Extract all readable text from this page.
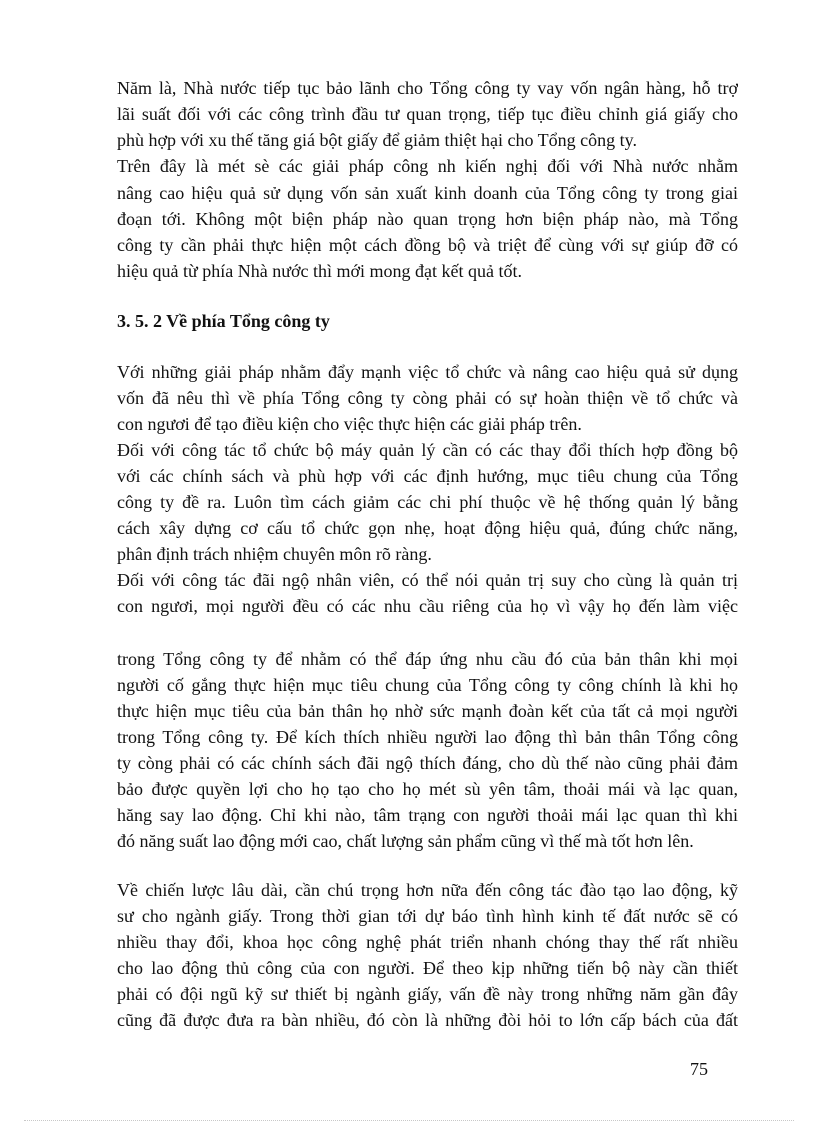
Năm là, Nhà nước tiếp tục bảo lãnh cho Tổng công ty vay vốn ngân hàng, hỗ trợ
lãi suất đối với các công trình đầu tư quan trọng, tiếp tục điều chỉnh giá giấy cho
phù hợp với xu thế tăng giá bột giấy để giảm thiệt hại cho Tổng công ty.
Trên đây là mét sè các giải pháp công nh kiến nghị đối với Nhà nước nhằm
nâng cao hiệu quả sử dụng vốn sản xuất kinh doanh của Tổng công ty trong giai
đoạn tới. Không một biện pháp nào quan trọng hơn biện pháp nào, mà Tổng
công ty cần phải thực hiện một cách đồng bộ và triệt để cùng với sự giúp đỡ có
hiệu quả từ phía Nhà nước thì mới mong đạt kết quả tốt.
3. 5. 2 Về phía Tổng công ty
Với những giải pháp nhằm đẩy mạnh việc tổ chức và nâng cao hiệu quả sử dụng
vốn đã nêu thì về phía Tổng công ty còng phải có sự hoàn thiện về tổ chức và
con ngươi để tạo điều kiện cho việc thực hiện các giải pháp trên.
Đối với công tác tổ chức bộ máy quản lý cần có các thay đổi thích hợp đồng bộ
với các chính sách và phù hợp với các định hướng, mục tiêu chung của Tổng
công ty đề ra. Luôn tìm cách giảm các chi phí thuộc về hệ thống quản lý bằng
cách xây dựng cơ cấu tổ chức gọn nhẹ, hoạt động hiệu quả, đúng chức năng,
phân định trách nhiệm chuyên môn rõ ràng.
Đối với công tác đãi ngộ nhân viên, có thể nói quản trị suy cho cùng là quản trị
con ngươi, mọi người đều có các nhu cầu riêng của họ vì vậy họ đến làm việc
trong Tổng công ty để nhằm có thể đáp ứng nhu cầu đó của bản thân khi mọi
người cố gắng thực hiện mục tiêu chung của Tổng công ty công chính là khi họ
thực hiện mục tiêu của bản thân họ nhờ sức mạnh đoàn kết của tất cả mọi người
trong Tổng công ty. Để kích thích nhiều người lao động thì bản thân Tổng công
ty còng phải có các chính sách đãi ngộ thích đáng, cho dù thế nào cũng phải đảm
bảo được quyền lợi cho họ tạo cho họ mét sù yên tâm, thoải mái và lạc quan,
hăng say lao động. Chỉ khi nào, tâm trạng con người thoải mái lạc quan thì khi
đó năng suất lao động mới cao, chất lượng sản phẩm cũng vì thế mà tốt hơn lên.
Về chiến lược lâu dài, cần chú trọng hơn nữa đến công tác đào tạo lao động, kỹ
sư cho ngành giấy. Trong thời gian tới dự báo tình hình kinh tế đất nước sẽ có
nhiều thay đổi, khoa học công nghệ phát triển nhanh chóng thay thế rất nhiều
cho lao động thủ công của con người. Để theo kịp những tiến bộ này cần thiết
phải có đội ngũ kỹ sư thiết bị ngành giấy, vấn đề này trong những năm gần đây
cũng đã được đưa ra bàn nhiều, đó còn là những đòi hỏi to lớn cấp bách của đất
75
